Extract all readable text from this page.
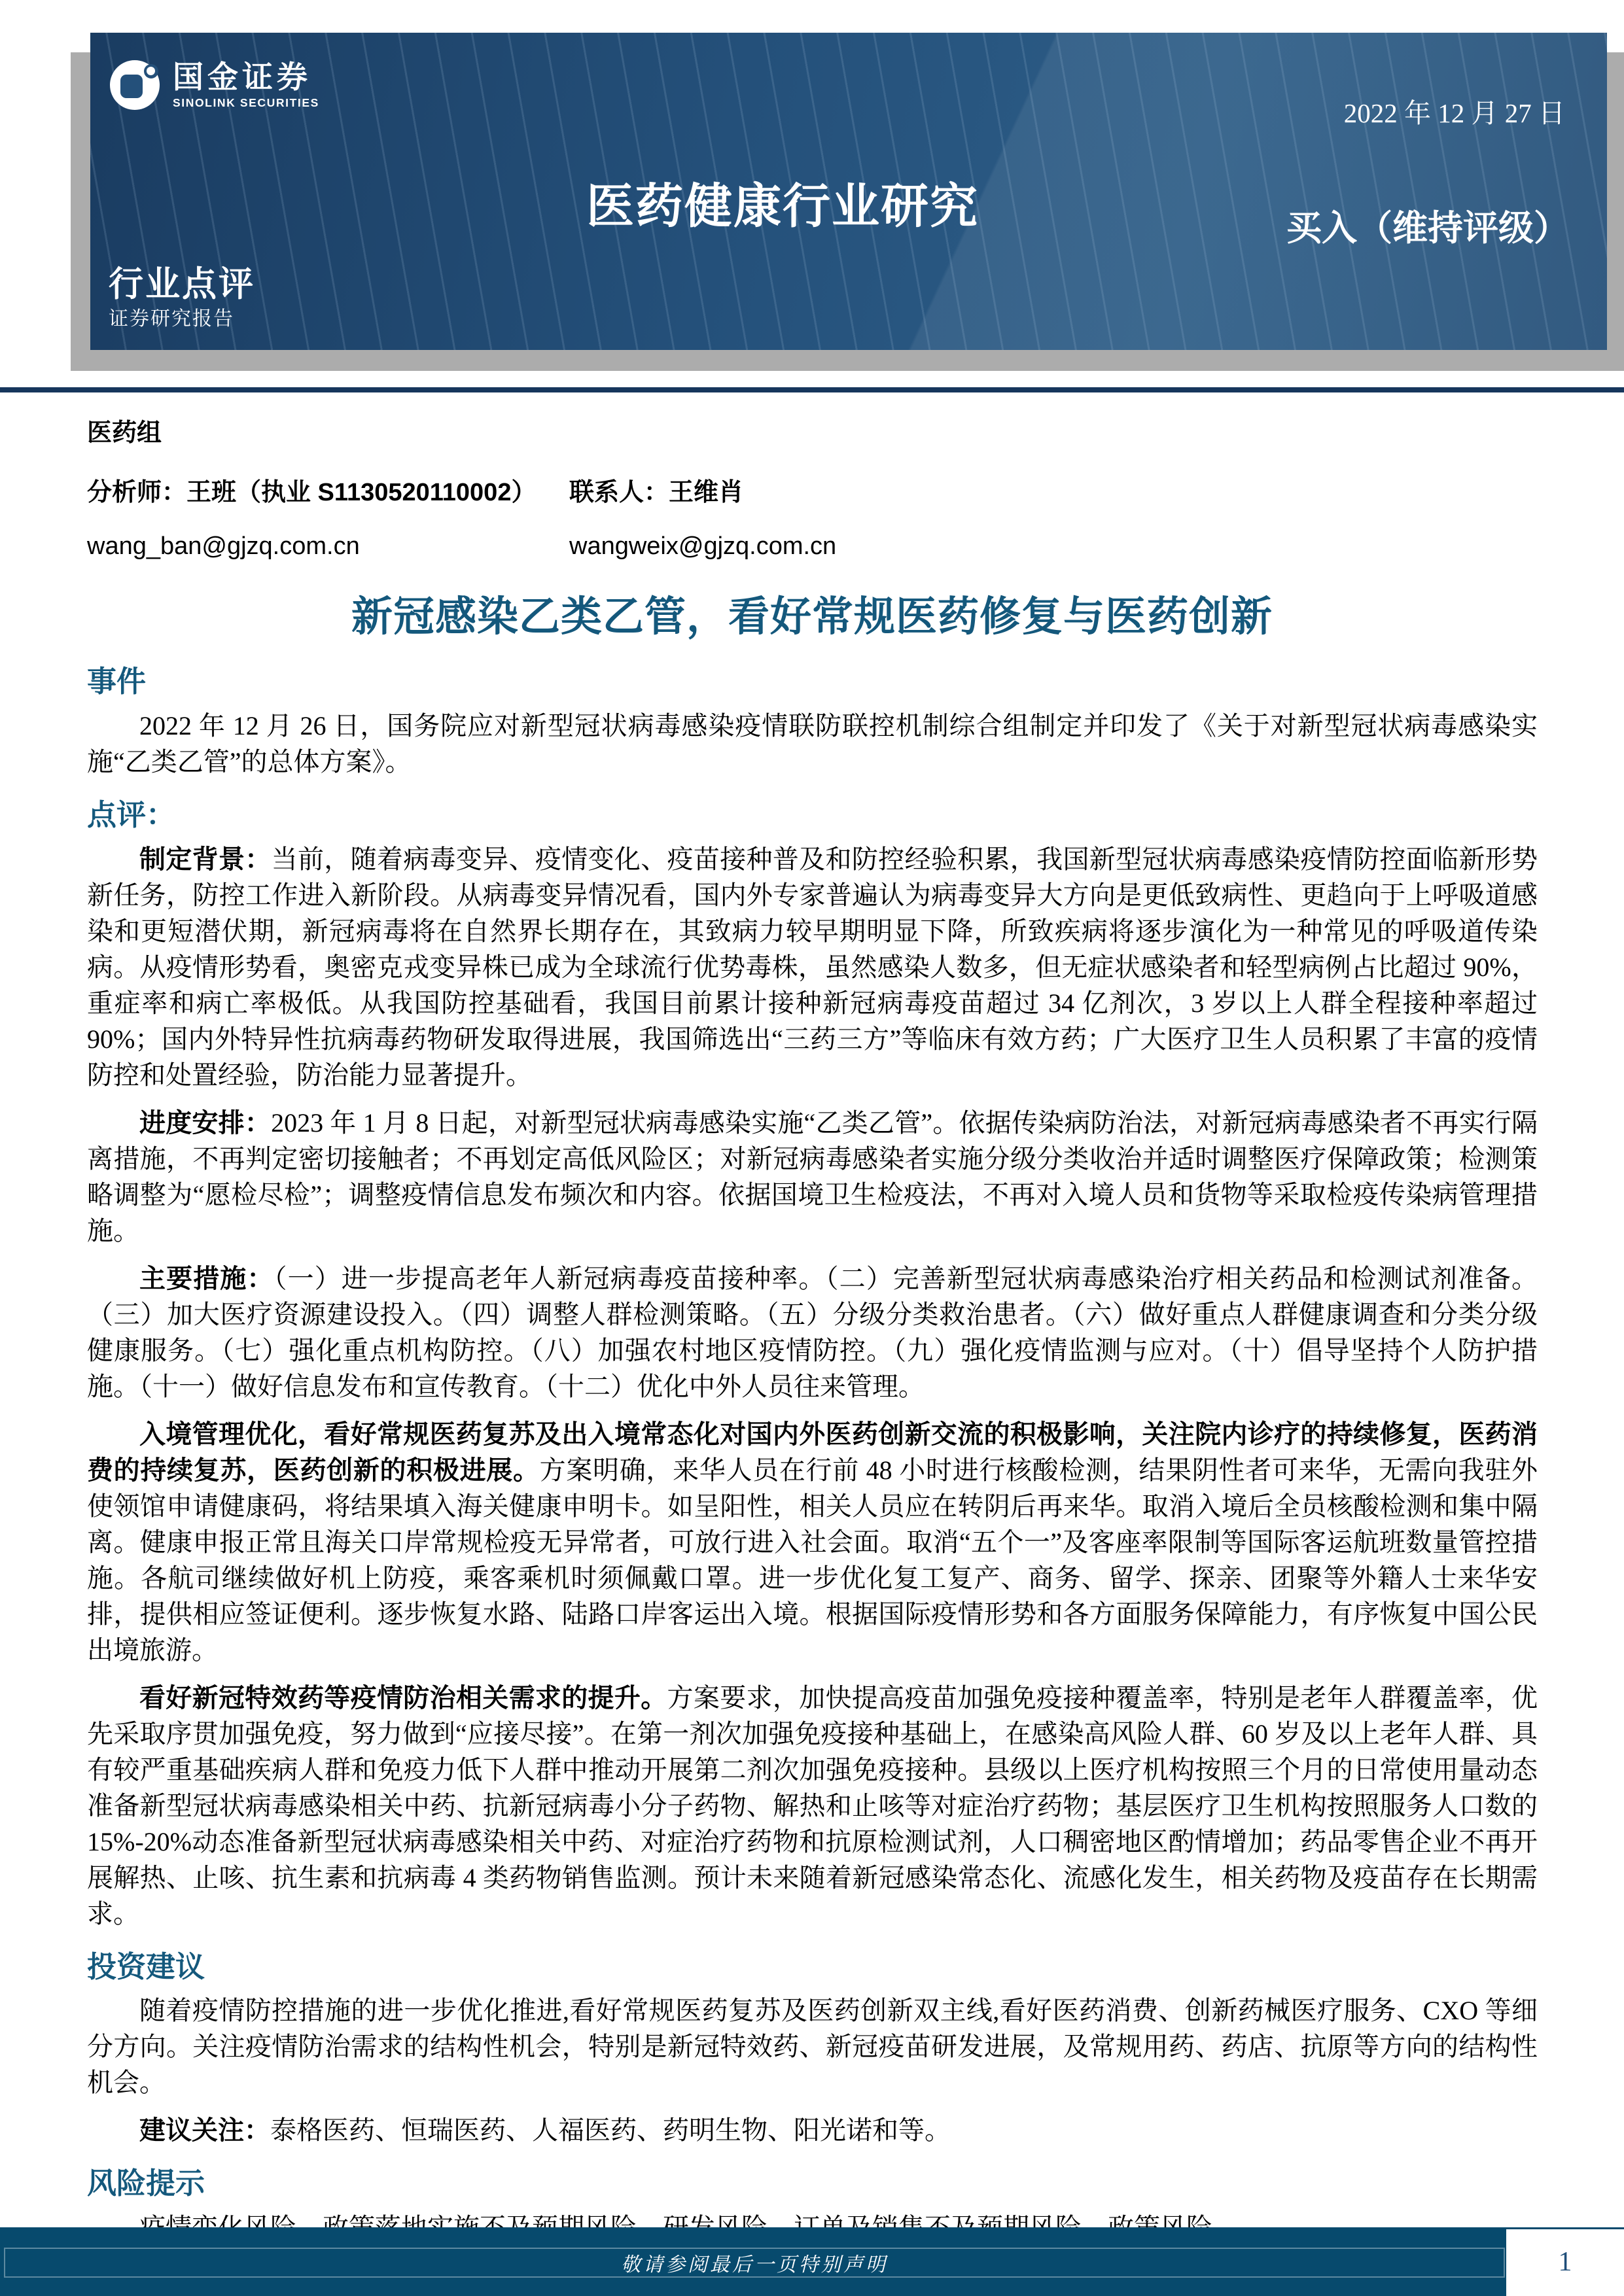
国金证券
SINOLINK SECURITIES	2022 年 12 月 27 日
医药健康行业研究	买入（维持评级）
行业点评
证券研究报告
医药组
分析师：王班（执业 S1130520110002）	联系人：王维肖
wang_ban@gjzq.com.cn	wangweix@gjzq.com.cn
新冠感染乙类乙管，看好常规医药修复与医药创新
事件

2022 年 12 月 26 日，国务院应对新型冠状病毒感染疫情联防联控机制综合组制定并印发了《关于对新型冠状病毒感染实施“乙类乙管”的总体方案》。

点评：

制定背景：当前，随着病毒变异、疫情变化、疫苗接种普及和防控经验积累，我国新型冠状病毒感染疫情防控面临新形势新任务，防控工作进入新阶段。从病毒变异情况看，国内外专家普遍认为病毒变异大方向是更低致病性、更趋向于上呼吸道感染和更短潜伏期，新冠病毒将在自然界长期存在，其致病力较早期明显下降，所致疾病将逐步演化为一种常见的呼吸道传染病。从疫情形势看，奥密克戎变异株已成为全球流行优势毒株，虽然感染人数多，但无症状感染者和轻型病例占比超过 90%，重症率和病亡率极低。从我国防控基础看，我国目前累计接种新冠病毒疫苗超过 34 亿剂次，3 岁以上人群全程接种率超过 90%；国内外特异性抗病毒药物研发取得进展，我国筛选出“三药三方”等临床有效方药；广大医疗卫生人员积累了丰富的疫情防控和处置经验，防治能力显著提升。

进度安排：2023 年 1 月 8 日起，对新型冠状病毒感染实施“乙类乙管”。依据传染病防治法，对新冠病毒感染者不再实行隔离措施，不再判定密切接触者；不再划定高低风险区；对新冠病毒感染者实施分级分类收治并适时调整医疗保障政策；检测策略调整为“愿检尽检”；调整疫情信息发布频次和内容。依据国境卫生检疫法，不再对入境人员和货物等采取检疫传染病管理措施。

主要措施：（一）进一步提高老年人新冠病毒疫苗接种率。（二）完善新型冠状病毒感染治疗相关药品和检测试剂准备。（三）加大医疗资源建设投入。（四）调整人群检测策略。（五）分级分类救治患者。（六）做好重点人群健康调查和分类分级健康服务。（七）强化重点机构防控。（八）加强农村地区疫情防控。（九）强化疫情监测与应对。（十）倡导坚持个人防护措施。（十一）做好信息发布和宣传教育。（十二）优化中外人员往来管理。

入境管理优化，看好常规医药复苏及出入境常态化对国内外医药创新交流的积极影响，关注院内诊疗的持续修复，医药消费的持续复苏，医药创新的积极进展。方案明确，来华人员在行前 48 小时进行核酸检测，结果阴性者可来华，无需向我驻外使领馆申请健康码，将结果填入海关健康申明卡。如呈阳性，相关人员应在转阴后再来华。取消入境后全员核酸检测和集中隔离。健康申报正常且海关口岸常规检疫无异常者，可放行进入社会面。取消“五个一”及客座率限制等国际客运航班数量管控措施。各航司继续做好机上防疫，乘客乘机时须佩戴口罩。进一步优化复工复产、商务、留学、探亲、团聚等外籍人士来华安排，提供相应签证便利。逐步恢复水路、陆路口岸客运出入境。根据国际疫情形势和各方面服务保障能力，有序恢复中国公民出境旅游。

看好新冠特效药等疫情防治相关需求的提升。方案要求，加快提高疫苗加强免疫接种覆盖率，特别是老年人群覆盖率，优先采取序贯加强免疫，努力做到“应接尽接”。在第一剂次加强免疫接种基础上，在感染高风险人群、60 岁及以上老年人群、具有较严重基础疾病人群和免疫力低下人群中推动开展第二剂次加强免疫接种。县级以上医疗机构按照三个月的日常使用量动态准备新型冠状病毒感染相关中药、抗新冠病毒小分子药物、解热和止咳等对症治疗药物；基层医疗卫生机构按照服务人口数的 15%-20%动态准备新型冠状病毒感染相关中药、对症治疗药物和抗原检测试剂，人口稠密地区酌情增加；药品零售企业不再开展解热、止咳、抗生素和抗病毒 4 类药物销售监测。预计未来随着新冠感染常态化、流感化发生，相关药物及疫苗存在长期需求。

投资建议

随着疫情防控措施的进一步优化推进,看好常规医药复苏及医药创新双主线,看好医药消费、创新药械医疗服务、CXO 等细分方向。关注疫情防治需求的结构性机会，特别是新冠特效药、新冠疫苗研发进展，及常规用药、药店、抗原等方向的结构性机会。

建议关注：泰格医药、恒瑞医药、人福医药、药明生物、阳光诺和等。

风险提示

敬请参阅最后一页特别声明	1
